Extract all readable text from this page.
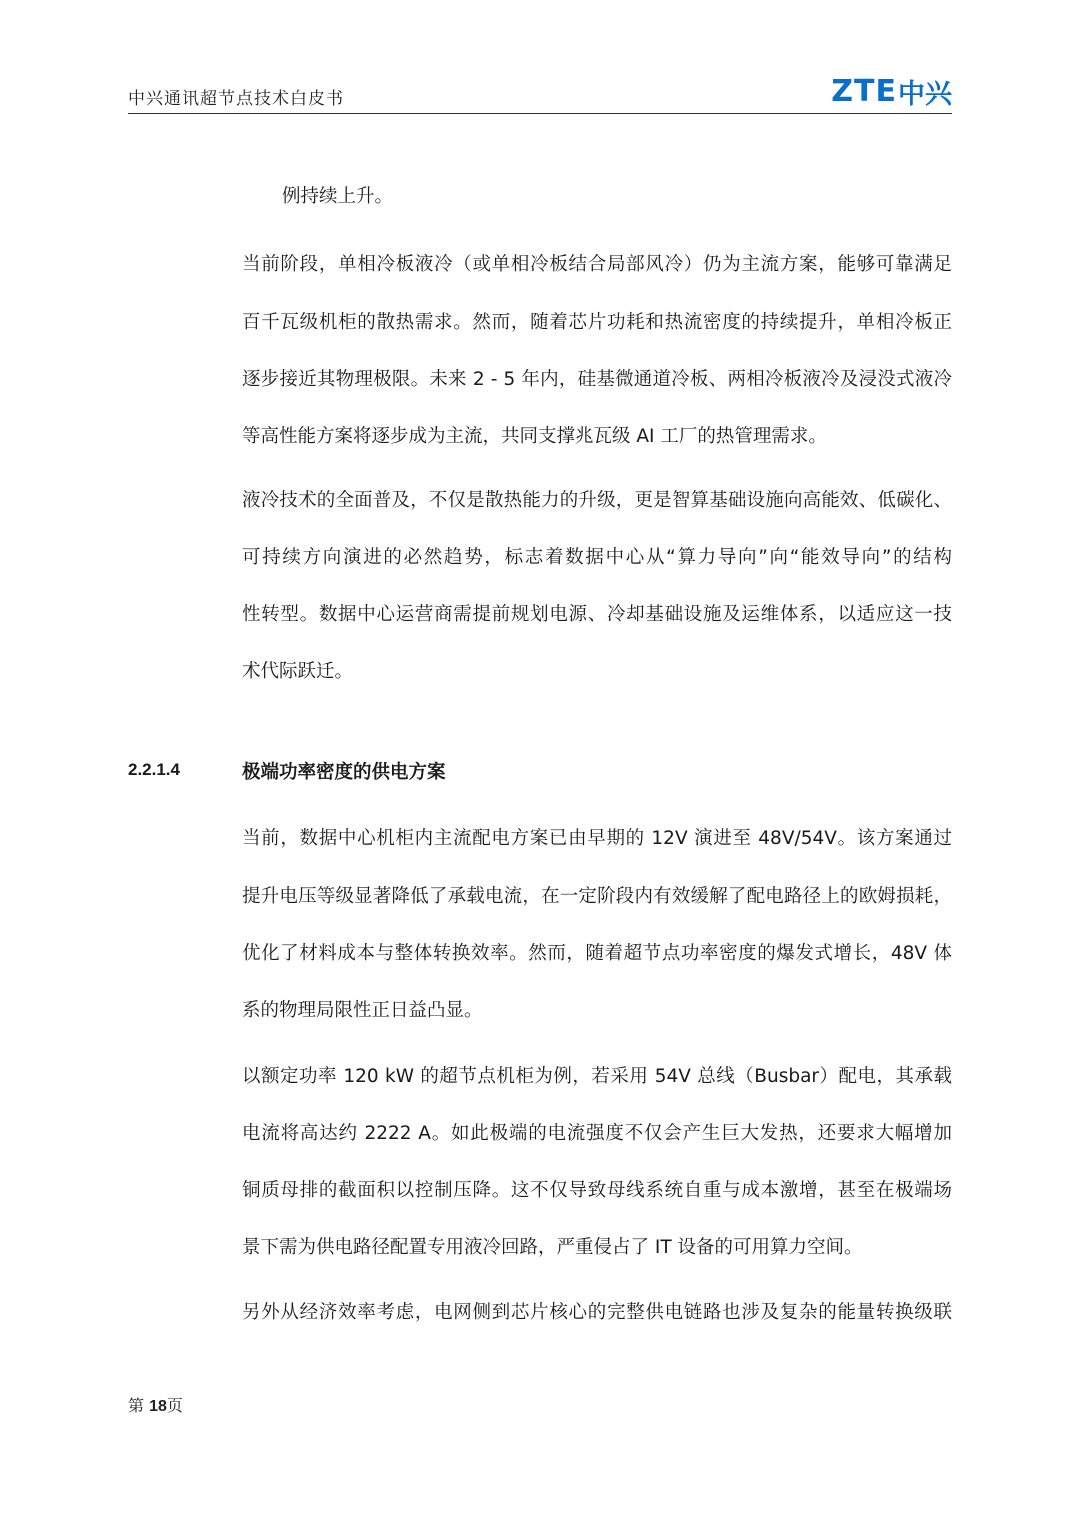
中兴通讯超节点技术白皮书	ZTE 中兴
例持续上升。
当前阶段，单相冷板液冷（或单相冷板结合局部风冷）仍为主流方案，能够可靠满足
百千瓦级机柜的散热需求。然而，随着芯片功耗和热流密度的持续提升，单相冷板正
逐步接近其物理极限。未来 2 - 5 年内，硅基微通道冷板、两相冷板液冷及浸没式液冷
等高性能方案将逐步成为主流，共同支撑兆瓦级 AI 工厂的热管理需求。
液冷技术的全面普及，不仅是散热能力的升级，更是智算基础设施向高能效、低碳化、
可持续方向演进的必然趋势，标志着数据中心从“算力导向”向“能效导向”的结构
性转型。数据中心运营商需提前规划电源、冷却基础设施及运维体系，以适应这一技
术代际跃迁。
2.2.1.4	极端功率密度的供电方案
当前，数据中心机柜内主流配电方案已由早期的 12V 演进至 48V/54V。该方案通过
提升电压等级显著降低了承载电流，在一定阶段内有效缓解了配电路径上的欧姆损耗，
优化了材料成本与整体转换效率。然而，随着超节点功率密度的爆发式增长，48V 体
系的物理局限性正日益凸显。
以额定功率 120 kW 的超节点机柜为例，若采用 54V 总线（Busbar）配电，其承载
电流将高达约 2222 A。如此极端的电流强度不仅会产生巨大发热，还要求大幅增加
铜质母排的截面积以控制压降。这不仅导致母线系统自重与成本激增，甚至在极端场
景下需为供电路径配置专用液冷回路，严重侵占了 IT 设备的可用算力空间。
另外从经济效率考虑，电网侧到芯片核心的完整供电链路也涉及复杂的能量转换级联
第 18页
